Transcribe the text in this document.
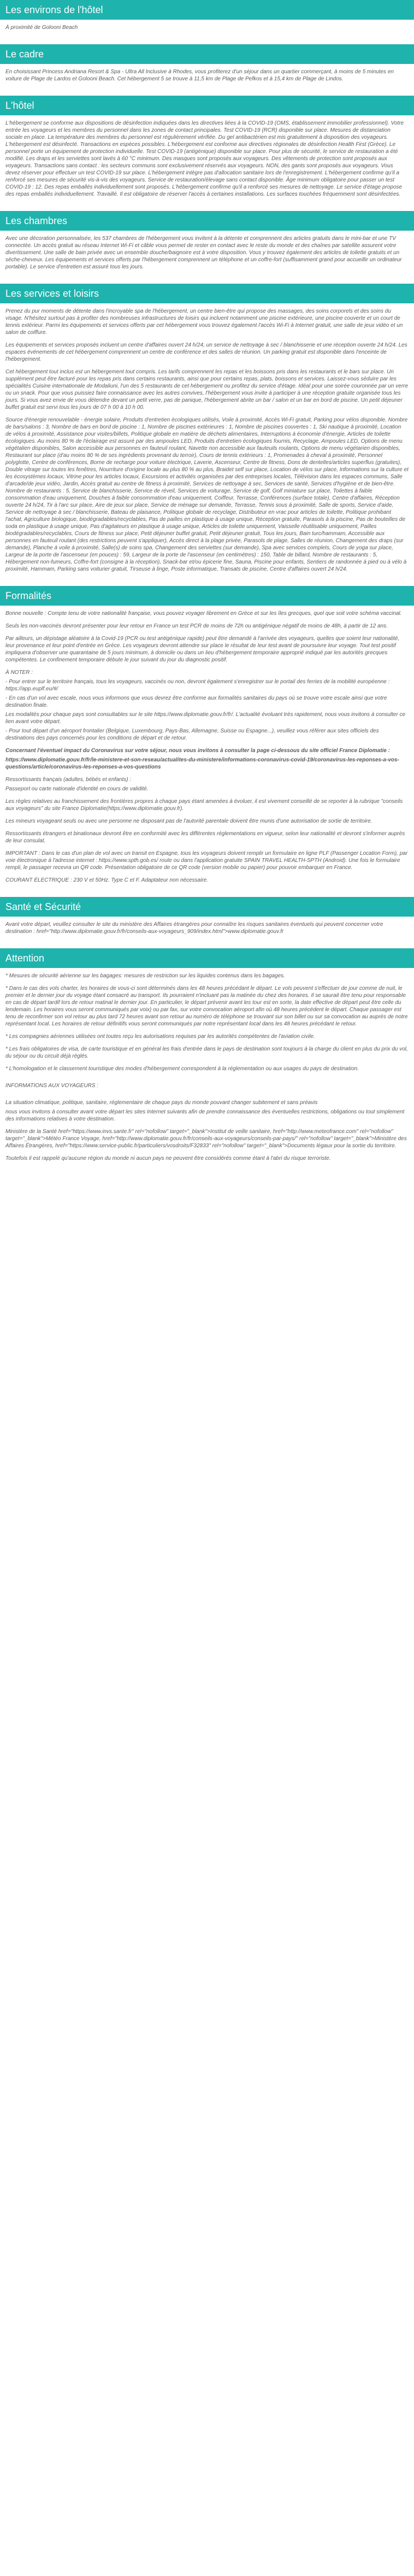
Les environs de l'hôtel

À proximité de Golooni Beach

Le cadre

En choisissant Princess Andriana Resort & Spa - Ultra All Inclusive à Rhodes, vous profiterez d'un séjour dans un quartier commerçant, à moins de 5 minutes en voiture de Plage de Lardos et Golooni Beach. Cet hébergement 5 se trouve à 11,5 km de Plage de Pefkos et à 15,4 km de Plage de Lindos.

L'hôtel

L'hébergement se conforme aux dispositions de désinfection indiquées dans les directives liées à la COVID-19 (OMS, établissement immobilier professionnel). Votre entrée les voyageurs et les membres du personnel dans les zones de contact principales. Test COVID-19 (RCR) disponible sur place. Mesures de distanciation sociale en place. La température des membres du personnel est régulièrement vérifiée. Du gel antibactérien est mis gratuitement à disposition des voyageurs. L'hébergement est désinfecté. Transactions en espèces possibles. L'hébergement est conforme aux directives régionales de désinfection Health First (Grèce). Le personnel porte un équipement de protection individuelle. Test COVID-19 (antigénique) disponible sur place. Pour plus de sécurité, le service de restauration a été modifié. Les draps et les serviettes sont lavés à 60 °C minimum. Des masques sont proposés aux voyageurs. Des vêtements de protection sont proposés aux voyageurs. Transactions sans contact : les secteurs communs sont exclusivement réservés aux voyageurs. NON, des gants sont proposés aux voyageurs. Vous devez réserver pour effectuer un test COVID-19 sur place. L'hébergement intègre pas d'allocation sanitaire lors de l'enregistrement. L'hébergement confirme qu'il a renforcé ses mesures de sécurité vis-à-vis des voyageurs. Service de restauration/élevage sans contact disponible. Âge minimum obligatoire pour passer un test COVID-19 : 12. Des repas emballés individuellement sont proposés. L'hébergement confirme qu'il a renforcé ses mesures de nettoyage. Le service d'étage propose des repas emballés individuellement. Travaillé. Il est obligatoire de réserver l'accès à certaines installations. Les surfaces touchées fréquemment sont désinfectées.

Les chambres

Avec une décoration personnalisée, les 537 chambres de l'hébergement vous invitent à la détente et comprennent des articles gratuits dans le mini-bar et une TV connectée. Un accès gratuit au réseau Internet Wi-Fi et câble vous permet de rester en contact avec le reste du monde et des chaînes par satellite assurent votre divertissement. Une salle de bain privée avec un ensemble douche/baignoire est à votre disposition. Vous y trouvez également des articles de toilette gratuits et un sèche-cheveux. Les équipements et services offerts par l'hébergement comprennent un téléphone et un coffre-fort (suffisamment grand pour accueillir un ordinateur portable). Le service d'entretien est assuré tous les jours.

Les services et loisirs

Prenez du pur moments de détente dans l'incroyable spa de l'hébergement, un centre bien-être qui propose des massages, des soins corporels et des soins du visage. N'hésitez surtout pas à profiter des nombreuses infrastructures de loisirs qui incluent notamment une piscine extérieure, une piscine couverte et un court de tennis extérieur. Parmi les équipements et services offerts par cet hébergement vous trouvez également l'accès Wi-Fi à Internet gratuit, une salle de jeux vidéo et un salon de coiffure.

Les équipements et services proposés incluent un centre d'affaires ouvert 24 h/24, un service de nettoyage à sec / blanchisserie et une réception ouverte 24 h/24. Les espaces événements de cet hébergement comprennent un centre de conférence et des salles de réunion. Un parking gratuit est disponible dans l'enceinte de l'hébergement.

Cet hébergement tout inclus est un hébergement tout compris. Les tarifs comprennent les repas et les boissons pris dans les restaurants et le bars sur place. Un supplément peut être facturé pour les repas pris dans certains restaurants, ainsi que pour certains repas, plats, boissons et services. Laissez-vous séduire par les spécialités Cuisine internationale de Modaliuni, l'un des 5 restaurants de cet hébergement ou profitez du service d'étage. Idéal pour une soirée couronnée par un verre ou un snack. Pour que vous puissiez faire connaissance avec les autres convives, l'hébergement vous invite à participer à une réception gratuite organisée tous les jours. Si vous avez envie de vous détendre devant un petit verre, pas de panique, l'hébergement abrite un bar / salon et un bar en bord de piscine. Un petit déjeuner buffet gratuit est servi tous les jours de 07 h 00 à 10 h 00.

Source d'énergie renouvelable - énergie solaire, Produits d'entretien écologiques utilisés, Voile à proximité, Accès Wi-Fi gratuit, Parking pour vélos disponible. Nombre de bars/salons : 3, Nombre de bars en bord de piscine : 1, Nombre de piscines extérieures : 1, Nombre de piscines couvertes : 1, Ski nautique à proximité, Location de vélos à proximité, Assistance pour visites/billets, Politique globale en matière de déchets alimentaires, Interruptions à économie d'énergie, Articles de toilette écologiques. Au moins 80 % de l'éclairage est assuré par des ampoules LED, Produits d'entretien écologiques fournis, Recyclage, Ampoules LED, Options de menu végétalien disponibles, Salon accessible aux personnes en fauteuil roulant, Navette non accessible aux fauteuils roulants, Options de menu végétarien disponibles, Restaurant sur place (d'au moins 80 % de ses ingrédients provenant du terroir), Cours de tennis extérieurs : 1, Promenades à cheval à proximité, Personnel polyglotte, Centre de conférences, Borne de recharge pour voiture électrique, Laverie, Ascenseur, Centre de fitness, Dons de dentelles/articles superflus (gratuites), Double vitrage sur toutes les fenêtres, Nourriture d'origine locale au plus 80 % au plus, Braidet self sur place, Location de vélos sur place, Informations sur la culture et les écosystèmes locaux, Vitrine pour les articles locaux, Excursions et activités organisées par des entreprises locales, Télévision dans les espaces communs, Salle d'arcade/de jeux vidéo, Jardin, Accès gratuit au centre de fitness à proximité, Services de nettoyage à sec, Services de santé, Services d'hygiène et de bien-être. Nombre de restaurants : 5, Service de blanchisserie, Service de réveil, Services de voiturage, Service de golf, Golf miniature sur place, Toilettes à faible consommation d'eau uniquement, Douches à faible consommation d'eau uniquement, Coiffeur, Terrasse, Conférences (surface totale), Centre d'affaires, Réception ouverte 24 h/24, Tir à l'arc sur place, Aire de jeux sur place, Service de ménage sur demande, Terrasse, Tennis sous à proximité, Salle de sports, Service d'aide, Service de nettoyage à sec / blanchisserie, Bateau de plaisance, Politique globale de recyclage, Distributeur en vrac pour articles de toilette, Politique prohibant l'achat, Agriculture biologique, biodégradables/recyclables, Pas de pailles en plastique à usage unique, Réception gratuite, Parasols à la piscine, Pas de bouteilles de soda en plastique à usage unique, Pas d'agitateurs en plastique à usage unique, Articles de toilette uniquement, Vaisselle réutilisable uniquement, Pailles biodégradables/recyclables, Cours de fitness sur place, Petit déjeuner buffet gratuit, Petit déjeuner gratuit, Tous les jours, Bain turc/hammam, Accessible aux personnes en fauteuil roulant (des restrictions peuvent s'appliquer), Accès direct à la plage privée, Parasols de plage, Salles de réunion, Changement des draps (sur demande), Planche à voile à proximité, Salle(s) de soins spa, Changement des serviettes (sur demande), Spa avec services complets, Cours de yoga sur place, Largeur de la porte de l'ascenseur (en pouces) : 59, Largeur de la porte de l'ascenseur (en centimètres) : 150, Table de billard, Nombre de restaurants : 5, Hébergement non-fumeurs, Coffre-fort (consigne à la réception), Snack-bar et/ou épicerie fine, Sauna, Piscine pour enfants, Sentiers de randonnée à pied ou à vélo à proximité, Hammam, Parking sans voiturier gratuit, Tirseuse à linge, Poste informatique, Transats de piscine, Centre d'affaires ouvert 24 h/24.

Formalités

Bonne nouvelle : Compte tenu de votre nationalité française, vous pouvez voyager librement en Grèce et sur les îles grecques, quel que soit votre schéma vaccinal.

Seuls les non-vaccinés devront présenter pour leur retour en France un test PCR de moins de 72h ou antigénique négatif de moins de 48h, à partir de 12 ans.

Par ailleurs, un dépistage aléatoire à la Covid-19 (PCR ou test antigénique rapide) peut être demandé à l'arrivée des voyageurs, quelles que soient leur nationalité, leur provenance et leur point d'entrée en Grèce. Les voyageurs devront attendre sur place le résultat de leur test avant de poursuivre leur voyage. Tout test positif impliquera d'observer une quarantaine de 5 jours minimum, à domicile ou dans un lieu d'hébergement temporaire approprié indiqué par les autorités grecques compétentes. Le confinement temporaire débute le jour suivant du jour du diagnostic positif.

À NOTER :

- Pour entrer sur le territoire français, tous les voyageurs, vaccinés ou non, devront également s'enregistrer sur le portail des ferries de la mobilité européenne : https://app.euplf.eu/#/

- En cas d'un vol avec escale, nous vous informons que vous devrez être conforme aux formalités sanitaires du pays où se trouve votre escale ainsi que votre destination finale.

Les modalités pour chaque pays sont consultables sur le site https://www.diplomatie.gouv.fr/fr/. L'actualité évoluant très rapidement, nous vous invitons à consulter ce lien avant votre départ.

- Pour tout départ d'un aéroport frontalier (Belgique, Luxembourg, Pays-Bas, Allemagne, Suisse ou Espagne...), veuillez vous référer aux sites officiels des destinations des pays concernés pour les conditions de départ et de retour.

Concernant l'éventuel impact du Coronavirus sur votre séjour, nous vous invitons à consulter la page ci-dessous du site officiel France Diplomatie :

https://www.diplomatie.gouv.fr/fr/le-ministere-et-son-reseau/actualites-du-ministere/informations-coronavirus-covid-19/coronavirus-les-reponses-a-vos-questions/article/coronavirus-les-reponses-a-vos-questions

Ressortissants français (adultes, bébés et enfants) :

Passeport ou carte nationale d'identité en cours de validité.

Les règles relatives au franchissement des frontières propres à chaque pays étant amenées à évoluer, il est vivement conseillé de se reporter à la rubrique "conseils aux voyageurs" du site France Diplomatie(https://www.diplomatie.gouv.fr).

Les mineurs voyageant seuls ou avec une personne ne disposant pas de l'autorité parentale doivent être munis d'une autorisation de sortie de territoire.

Ressortissants étrangers et binationaux devront être en conformité avec les différentes réglementations en vigueur, selon leur nationalité et devront s'informer auprès de leur consulat.

IMPORTANT : Dans le cas d'un plan de vol avec un transit en Espagne, tous les voyageurs doivent remplir un formulaire en ligne PLF (Passenger Location Form), par voie électronique à l'adresse internet : https://www.spth.gob.es/ route ou dans l'application gratuite SPAIN TRAVEL HEALTH-SPTH (Android). Une fois le formulaire rempli, le passager recevra un QR code. Présentation obligatoire de ce QR code (version mobile ou papier) pour pouvoir embarquer en France.

COURANT ÉLECTRIQUE : 230 V et 50Hz. Type C et F. Adaptateur non nécessaire.

Santé et Sécurité

Avant votre départ, veuillez consulter le site du ministère des Affaires étrangères pour connaître les risques sanitaires éventuels qui peuvent concerner votre destination : href="http://www.diplomatie.gouv.fr/fr/conseils-aux-voyageurs_909/index.html">www.diplomatie.gouv.fr

Attention

* Mesures de sécurité aérienne sur les bagages: mesures de restriction sur les liquides contenus dans les bagages.

* Dans le cas des vols charter, les horaires de vous-ci sont déterminés dans les 48 heures précédant le départ. Le vols peuvent s'effectuer de jour comme de nuit, le premier et le dernier jour du voyage étant consacré au transport. Ils pourraient n'incluant pas la matinée du chez des horaires. Il se saurait être tenu pour responsable en cas de départ tardif lors de retour matinal le dernier jour. En particulier, le départ prévenir avant les tour est en sorte, la date effective de départ peut être celle du lendemain. Les horaires vous seront communiqués par voix) ou par fax, sur votre convocation aéroport afin où 48 heures précédent le départ. Chaque passager est tenu de reconfirmer son vol retour au plus tard 72 heures avant son retour au numéro de téléphone se trouvant sur son billet ou sur sa convocation au auprès de notre représentant local. Les horaires de retour définitifs vous seront communiqués par notre représentant local dans les 48 heures précédant le retour.

* Les compagnies aériennes utilisées ont toutes reçu les autorisations requises par les autorités compétentes de l'aviation civile.

* Les frais obligatoires de visa, de carte touristique et en général les frais d'entrée dans le pays de destination sont toujours à la charge du client en plus du prix du vol, du séjour ou du circuit déjà réglés.

* L'homologation et le classement touristique des modes d'hébergement correspondent à la réglementation ou aux usages du pays de destination.

INFORMATIONS AUX VOYAGEURS :

La situation climatique, politique, sanitaire, réglementaire de chaque pays du monde pouvant changer subitement et sans préavis

nous vous invitons à consulter avant votre départ les sites Internet suivants afin de prendre connaissance des éventuelles restrictions, obligations ou tout simplement des informations relatives à votre destination.

Ministère de la Santé href="https://www.invs.sante.fr" rel="nofollow" target="_blank">Institut de veille sanitaire, href="http://www.meteofrance.com" rel="nofollow" target="_blank">Météo France Voyage, href="http://www.diplomatie.gouv.fr/fr/conseils-aux-voyageurs/conseils-par-pays/" rel="nofollow" target="_blank">Ministère des Affaires Étrangères, href="https://www.service-public.fr/particuliers/vosdroits/F32833" rel="nofollow" target="_blank">Documents légaux pour la sortie du territoire.

Toutefois il est rappelé qu'aucune région du monde ni aucun pays ne peuvent être considérés comme étant à l'abri du risque terroriste.
